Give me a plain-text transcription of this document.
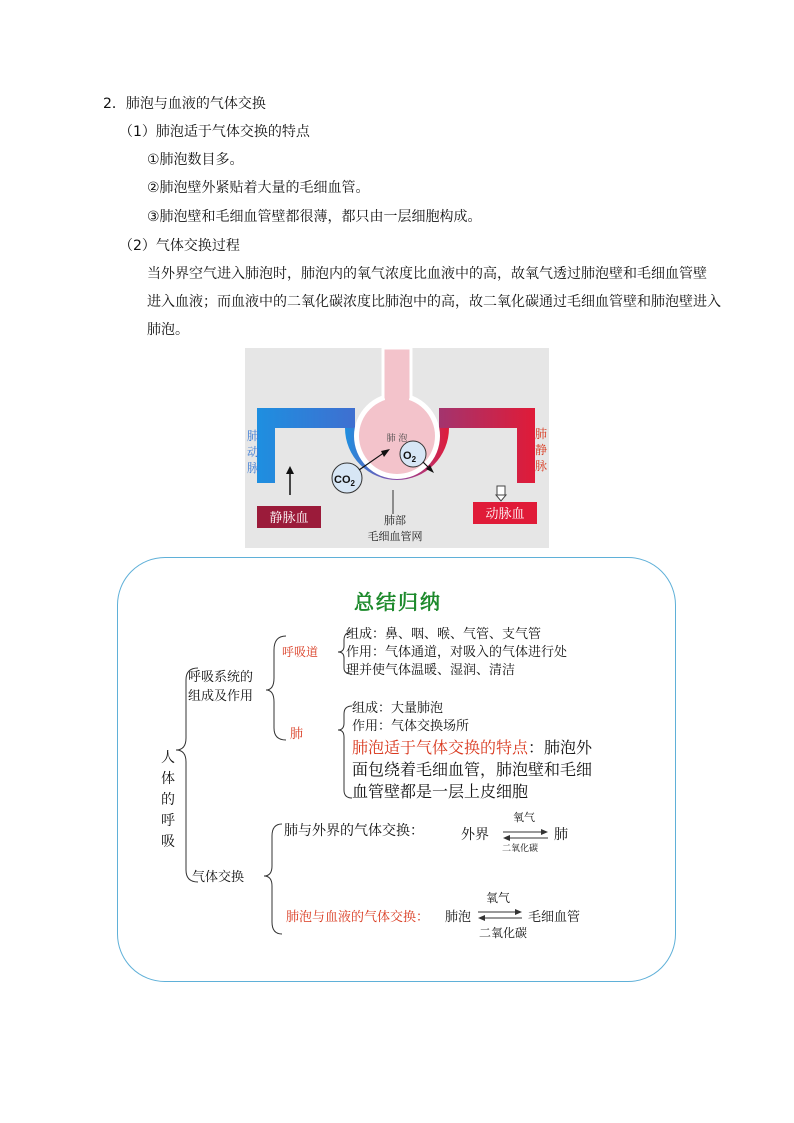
2．肺泡与血液的气体交换
（1）肺泡适于气体交换的特点
①肺泡数目多。
②肺泡壁外紧贴着大量的毛细血管。
③肺泡壁和毛细血管壁都很薄，都只由一层细胞构成。
（2）气体交换过程
当外界空气进入肺泡时，肺泡内的氧气浓度比血液中的高，故氧气透过肺泡壁和毛细血管壁
进入血液；而血液中的二氧化碳浓度比肺泡中的高，故二氧化碳通过毛细血管壁和肺泡壁进入
肺泡。
$O_2$
$CO_2$
静脉血	动脉血
肺 泡
肺
动
脉
肺
静
脉
肺部
毛细血管网
总结归纳
人体的呼吸
呼吸系统的
组成及作用
呼吸道
组成：鼻、咽、喉、气管、支气管
作用：气体通道，对吸入的气体进行处
理并使气体温暖、湿润、清洁
肺
组成：大量肺泡
作用：气体交换场所
肺泡适于气体交换的特点：肺泡外
面包绕着毛细血管，肺泡壁和毛细
血管壁都是一层上皮细胞
气体交换
肺与外界的气体交换：	外界	肺
氧气
二氧化碳
肺泡与血液的气体交换： 肺泡	毛细血管
氧气
二氧化碳
